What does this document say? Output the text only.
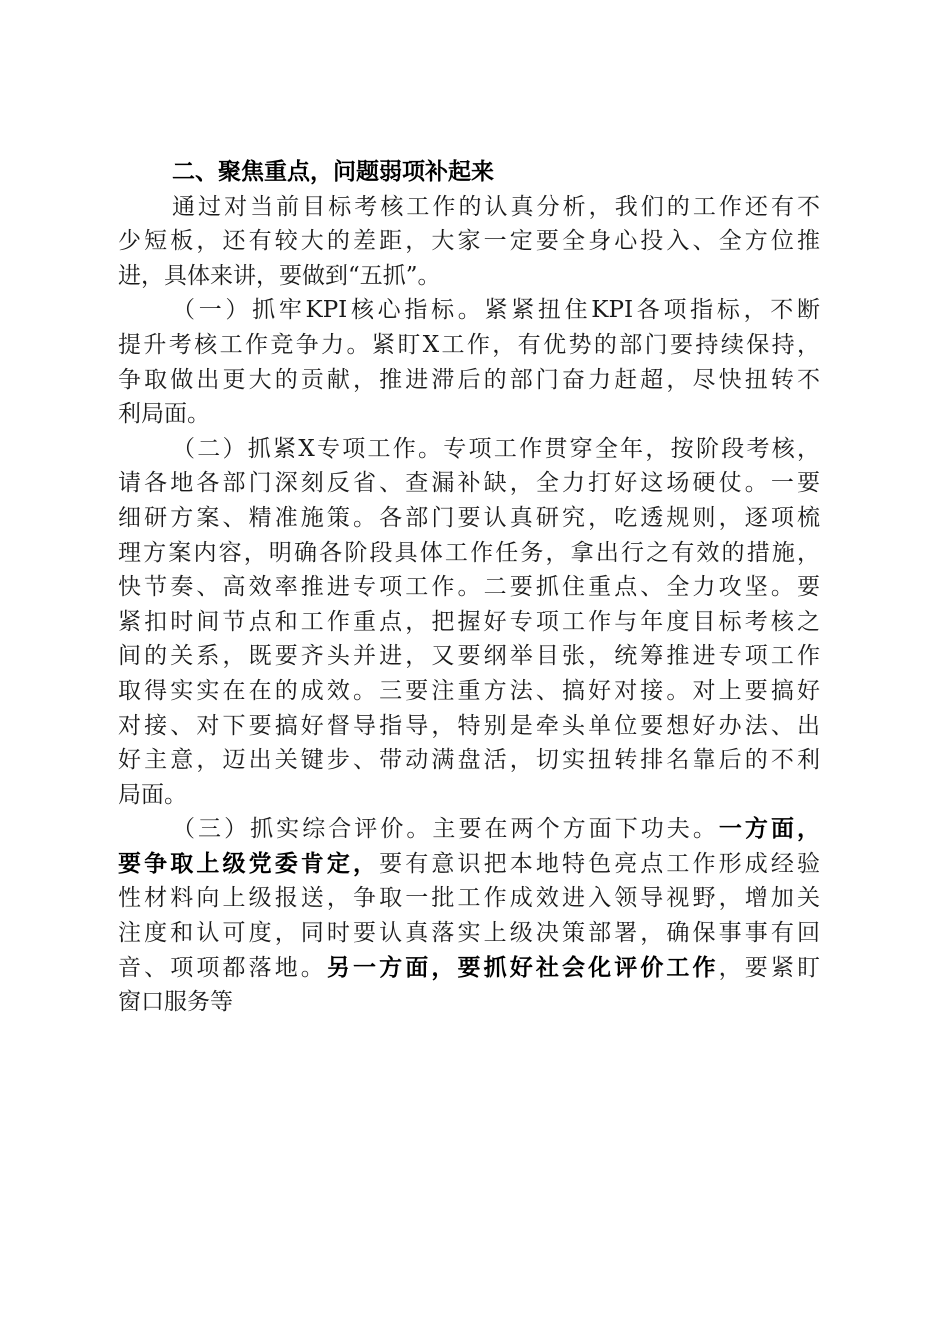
二、聚焦重点，问题弱项补起来
通过对当前目标考核工作的认真分析，我们的工作还有不
少短板，还有较大的差距，大家一定要全身心投入、全方位推
进，具体来讲，要做到“五抓”。
（一）抓牢KPI核心指标。紧紧扭住KPI各项指标，不断
提升考核工作竞争力。紧盯X工作，有优势的部门要持续保持，
争取做出更大的贡献，推进滞后的部门奋力赶超，尽快扭转不
利局面。
（二）抓紧X专项工作。专项工作贯穿全年，按阶段考核，
请各地各部门深刻反省、查漏补缺，全力打好这场硬仗。一要
细研方案、精准施策。各部门要认真研究，吃透规则，逐项梳
理方案内容，明确各阶段具体工作任务，拿出行之有效的措施，
快节奏、高效率推进专项工作。二要抓住重点、全力攻坚。要
紧扣时间节点和工作重点，把握好专项工作与年度目标考核之
间的关系，既要齐头并进，又要纲举目张，统筹推进专项工作
取得实实在在的成效。三要注重方法、搞好对接。对上要搞好
对接、对下要搞好督导指导，特别是牵头单位要想好办法、出
好主意，迈出关键步、带动满盘活，切实扭转排名靠后的不利
局面。
（三）抓实综合评价。主要在两个方面下功夫。一方面，
要争取上级党委肯定，要有意识把本地特色亮点工作形成经验
性材料向上级报送，争取一批工作成效进入领导视野，增加关
注度和认可度，同时要认真落实上级决策部署，确保事事有回
音、项项都落地。另一方面，要抓好社会化评价工作，要紧盯
窗口服务等
